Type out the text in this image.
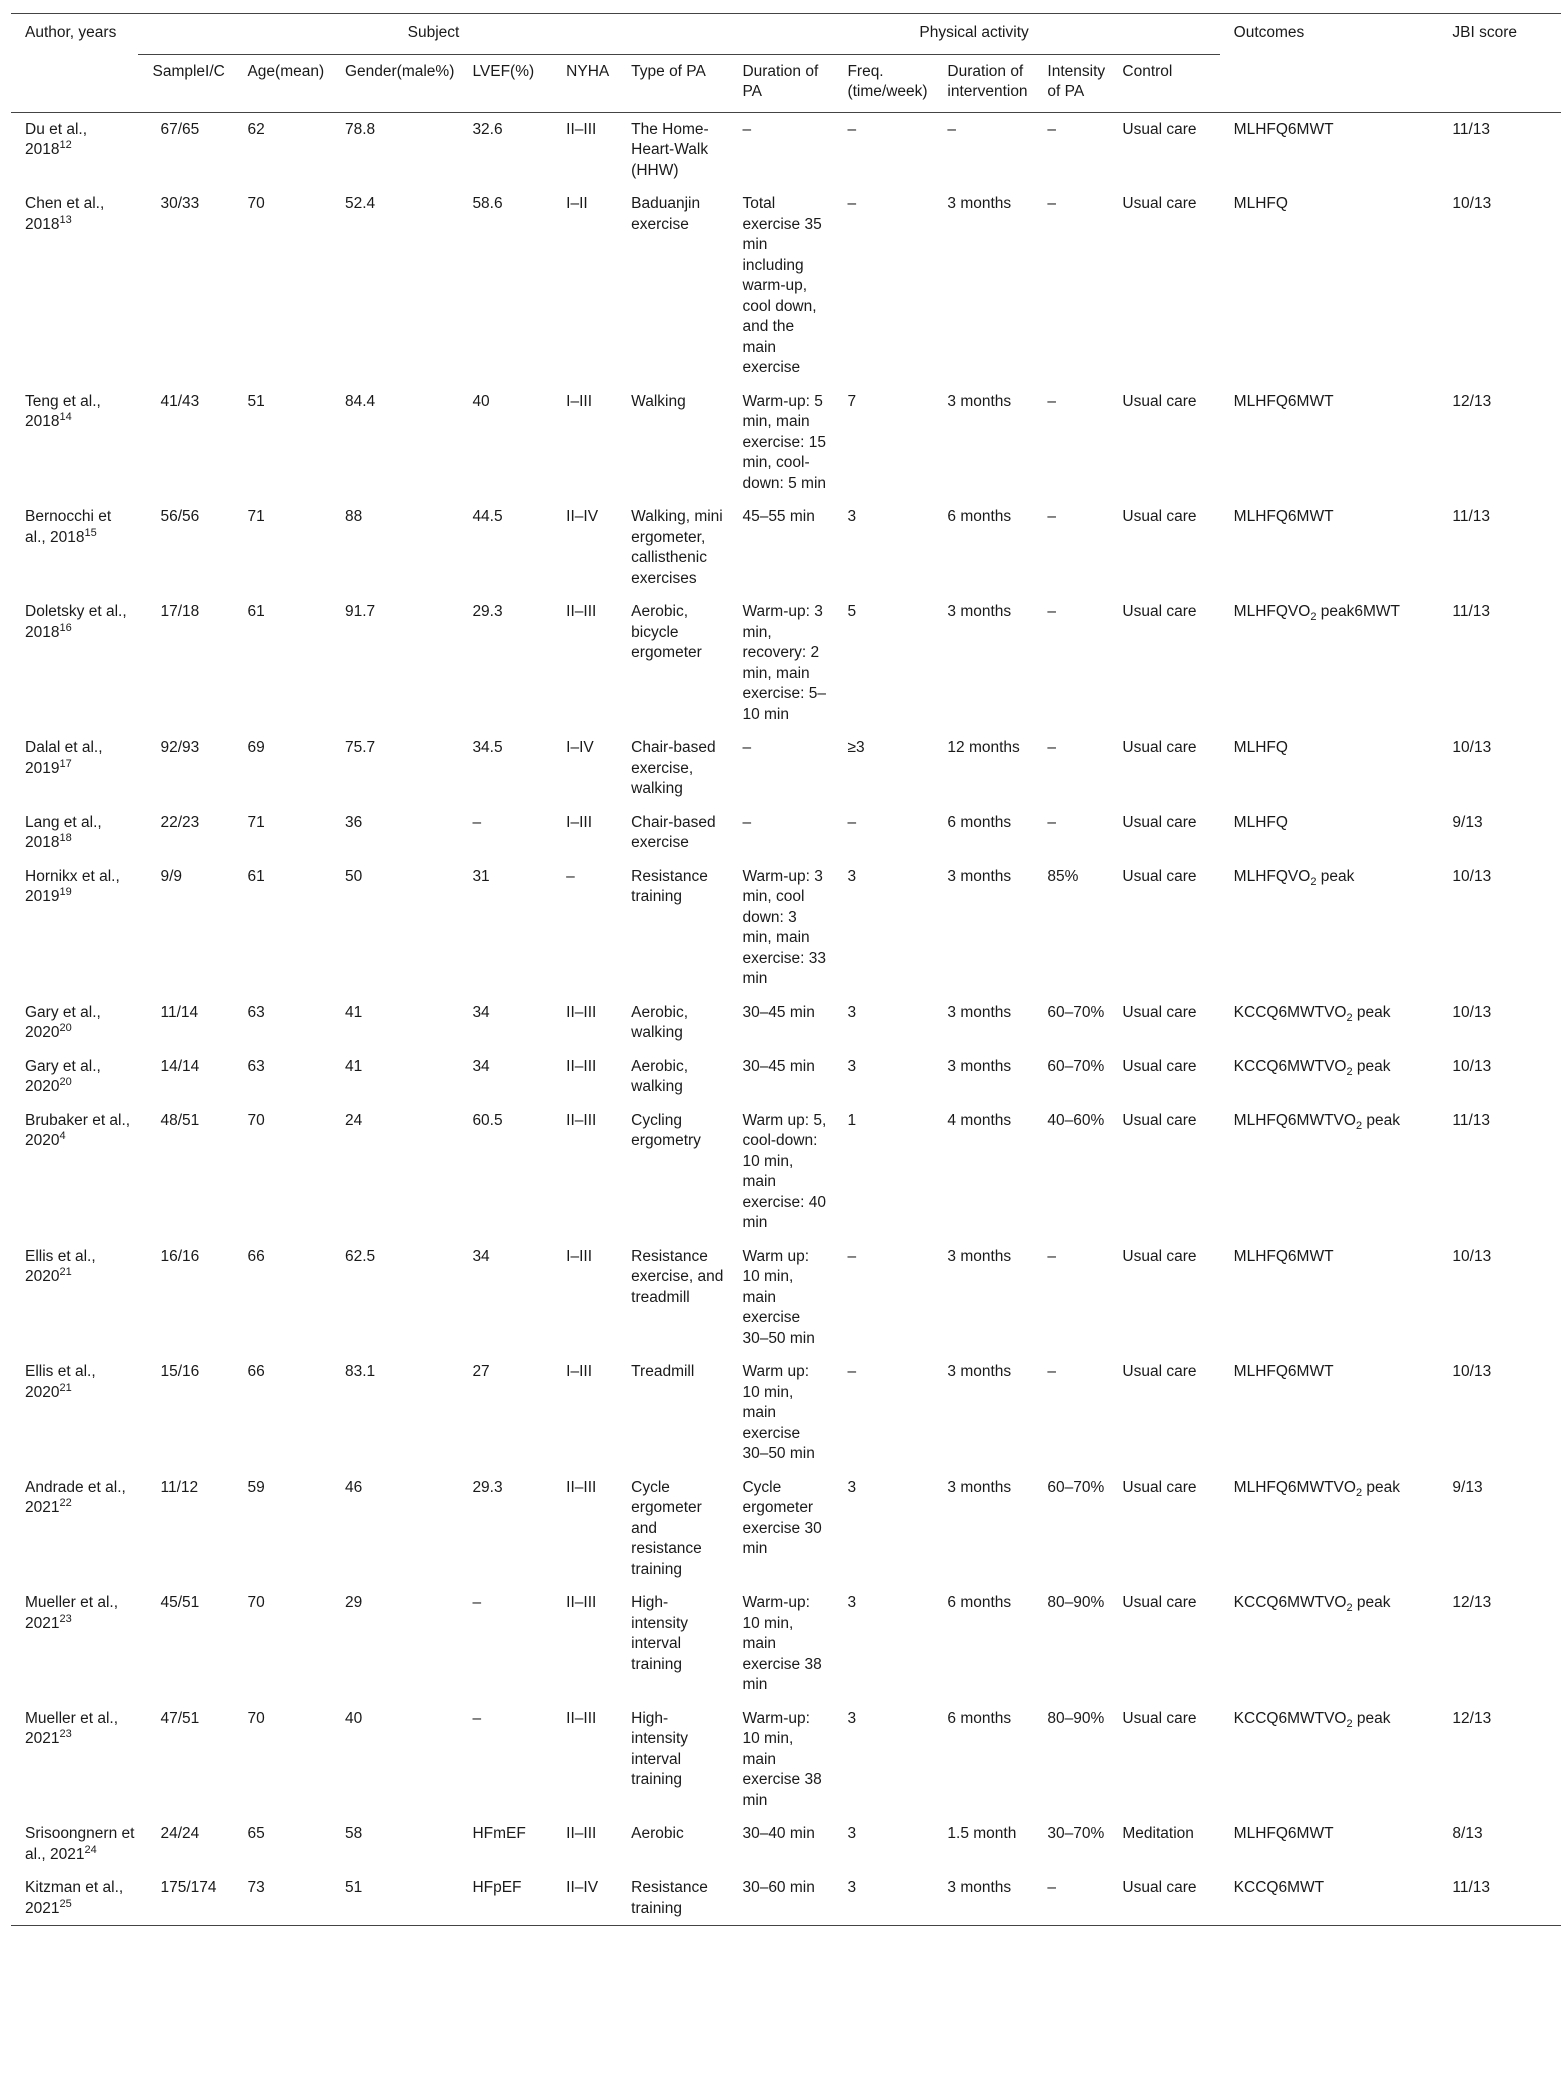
Author, years	Subject						Physical activity					Outcomes	JBI score
	SampleI/C	Age(mean)	Gender(male%)	LVEF(%)	NYHA	Type of PA	Duration of PA	Freq. (time/week)	Duration of intervention	Intensity of PA	Control		
Du et al., 2018$^{12}$	67/65	62	78.8	32.6	II–III	The Home-Heart-Walk (HHW)	–	–	–	–	Usual care	MLHFQ6MWT	11/13
Chen et al., 2018$^{13}$	30/33	70	52.4	58.6	I–II	Baduanjin exercise	Total exercise 35 min including warm-up, cool down, and the main exercise	–	3 months	–	Usual care	MLHFQ	10/13
Teng et al., 2018$^{14}$	41/43	51	84.4	40	I–III	Walking	Warm-up: 5 min, main exercise: 15 min, cool-down: 5 min	7	3 months	–	Usual care	MLHFQ6MWT	12/13
Bernocchi et al., 2018$^{15}$	56/56	71	88	44.5	II–IV	Walking, mini ergometer, callisthenic exercises	45–55 min	3	6 months	–	Usual care	MLHFQ6MWT	11/13
Doletsky et al., 2018$^{16}$	17/18	61	91.7	29.3	II–III	Aerobic, bicycle ergometer	Warm-up: 3 min, recovery: 2 min, main exercise: 5–10 min	5	3 months	–	Usual care	$MLHFQVO_2$ peak6MWT	11/13
Dalal et al., 2019$^{17}$	92/93	69	75.7	34.5	I–IV	Chair-based exercise, walking	–	≥3	12 months	–	Usual care	MLHFQ	10/13
Lang et al., 2018$^{18}$	22/23	71	36	–	I–III	Chair-based exercise	–	–	6 months	–	Usual care	MLHFQ	9/13
Hornikx et al., 2019$^{19}$	9/9	61	50	31	–	Resistance training	Warm-up: 3 min, cool down: 3 min, main exercise: 33 min	3	3 months	85%	Usual care	$MLHFQVO_2$ peak	10/13
Gary et al., 2020$^{20}$	11/14	63	41	34	II–III	Aerobic, walking	30–45 min	3	3 months	60–70%	Usual care	$KCCQ6MWTVO_2$ peak	10/13
Gary et al., 2020$^{20}$	14/14	63	41	34	II–III	Aerobic, walking	30–45 min	3	3 months	60–70%	Usual care	$KCCQ6MWTVO_2$ peak	10/13
Brubaker et al., 2020$^4$	48/51	70	24	60.5	II–III	Cycling ergometry	Warm up: 5, cool-down: 10 min, main exercise: 40 min	1	4 months	40–60%	Usual care	$MLHFQ6MWTVO_2$ peak	11/13
Ellis et al., 2020$^{21}$	16/16	66	62.5	34	I–III	Resistance exercise, and treadmill	Warm up: 10 min, main exercise 30–50 min	–	3 months	–	Usual care	MLHFQ6MWT	10/13
Ellis et al., 2020$^{21}$	15/16	66	83.1	27	I–III	Treadmill	Warm up: 10 min, main exercise 30–50 min	–	3 months	–	Usual care	MLHFQ6MWT	10/13
Andrade et al., 2021$^{22}$	11/12	59	46	29.3	II–III	Cycle ergometer and resistance training	Cycle ergometer exercise 30 min	3	3 months	60–70%	Usual care	$MLHFQ6MWTVO_2$ peak	9/13
Mueller et al., 2021$^{23}$	45/51	70	29	–	II–III	High-intensity interval training	Warm-up: 10 min, main exercise 38 min	3	6 months	80–90%	Usual care	$KCCQ6MWTVO_2$ peak	12/13
Mueller et al., 2021$^{23}$	47/51	70	40	–	II–III	High-intensity interval training	Warm-up: 10 min, main exercise 38 min	3	6 months	80–90%	Usual care	$KCCQ6MWTVO_2$ peak	12/13
Srisoongnern et al., 2021$^{24}$	24/24	65	58	HFmEF	II–III	Aerobic	30–40 min	3	1.5 month	30–70%	Meditation	MLHFQ6MWT	8/13
Kitzman et al., 2021$^{25}$	175/174	73	51	HFpEF	II–IV	Resistance training	30–60 min	3	3 months	–	Usual care	KCCQ6MWT	11/13
